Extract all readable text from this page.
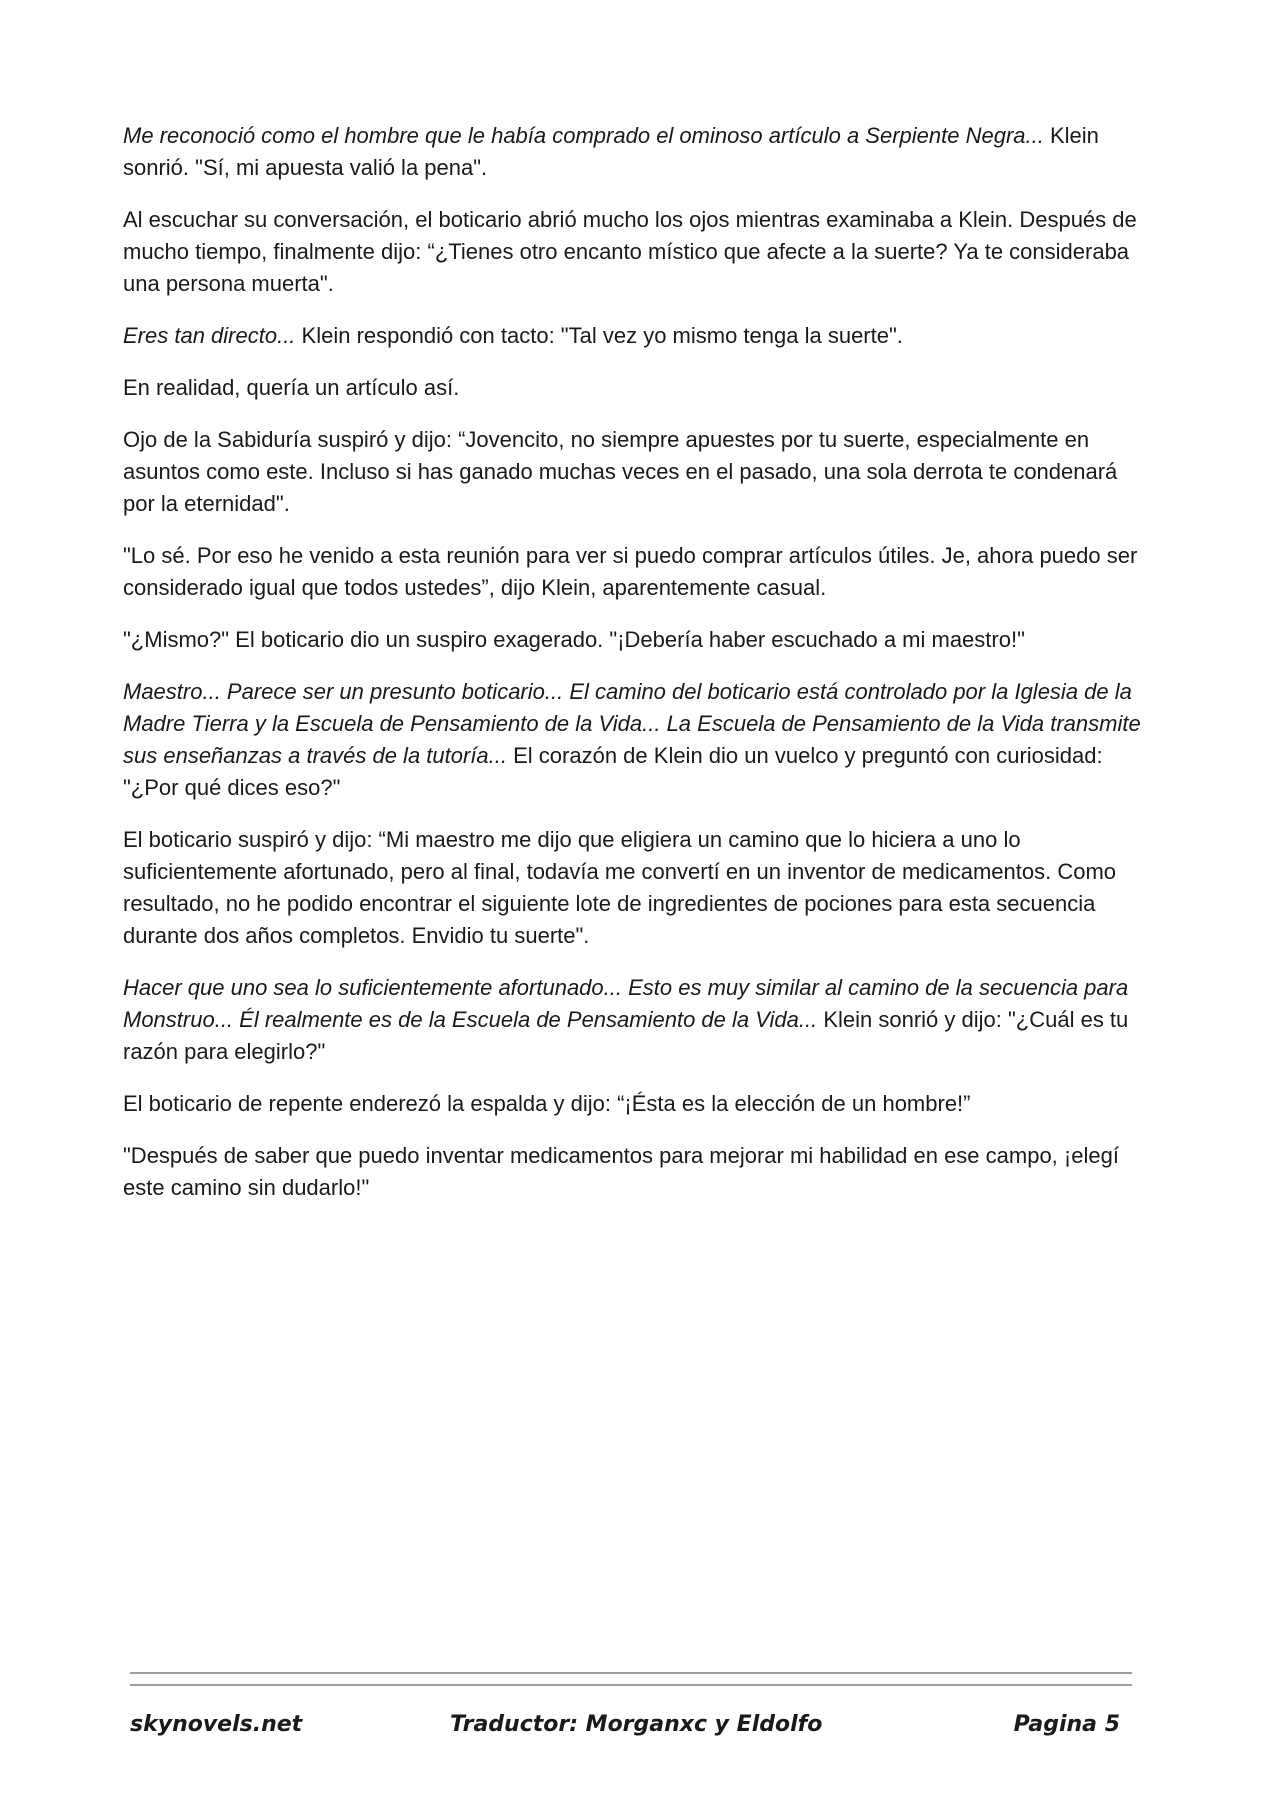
Me reconoció como el hombre que le había comprado el ominoso artículo a Serpiente Negra... Klein sonrió. "Sí, mi apuesta valió la pena".

Al escuchar su conversación, el boticario abrió mucho los ojos mientras examinaba a Klein. Después de mucho tiempo, finalmente dijo: “¿Tienes otro encanto místico que afecte a la suerte? Ya te consideraba una persona muerta".

Eres tan directo... Klein respondió con tacto: "Tal vez yo mismo tenga la suerte".

En realidad, quería un artículo así.

Ojo de la Sabiduría suspiró y dijo: “Jovencito, no siempre apuestes por tu suerte, especialmente en asuntos como este. Incluso si has ganado muchas veces en el pasado, una sola derrota te condenará por la eternidad".

"Lo sé. Por eso he venido a esta reunión para ver si puedo comprar artículos útiles. Je, ahora puedo ser considerado igual que todos ustedes”, dijo Klein, aparentemente casual.

"¿Mismo?" El boticario dio un suspiro exagerado. "¡Debería haber escuchado a mi maestro!"

Maestro... Parece ser un presunto boticario... El camino del boticario está controlado por la Iglesia de la Madre Tierra y la Escuela de Pensamiento de la Vida... La Escuela de Pensamiento de la Vida transmite sus enseñanzas a través de la tutoría... El corazón de Klein dio un vuelco y preguntó con curiosidad: "¿Por qué dices eso?"

El boticario suspiró y dijo: “Mi maestro me dijo que eligiera un camino que lo hiciera a uno lo suficientemente afortunado, pero al final, todavía me convertí en un inventor de medicamentos. Como resultado, no he podido encontrar el siguiente lote de ingredientes de pociones para esta secuencia durante dos años completos. Envidio tu suerte".

Hacer que uno sea lo suficientemente afortunado... Esto es muy similar al camino de la secuencia para Monstruo... Él realmente es de la Escuela de Pensamiento de la Vida... Klein sonrió y dijo: "¿Cuál es tu razón para elegirlo?"

El boticario de repente enderezó la espalda y dijo: “¡Ésta es la elección de un hombre!”

"Después de saber que puedo inventar medicamentos para mejorar mi habilidad en ese campo, ¡elegí este camino sin dudarlo!"

skynovels.net	Traductor: Morganxc y Eldolfo	Pagina 5
